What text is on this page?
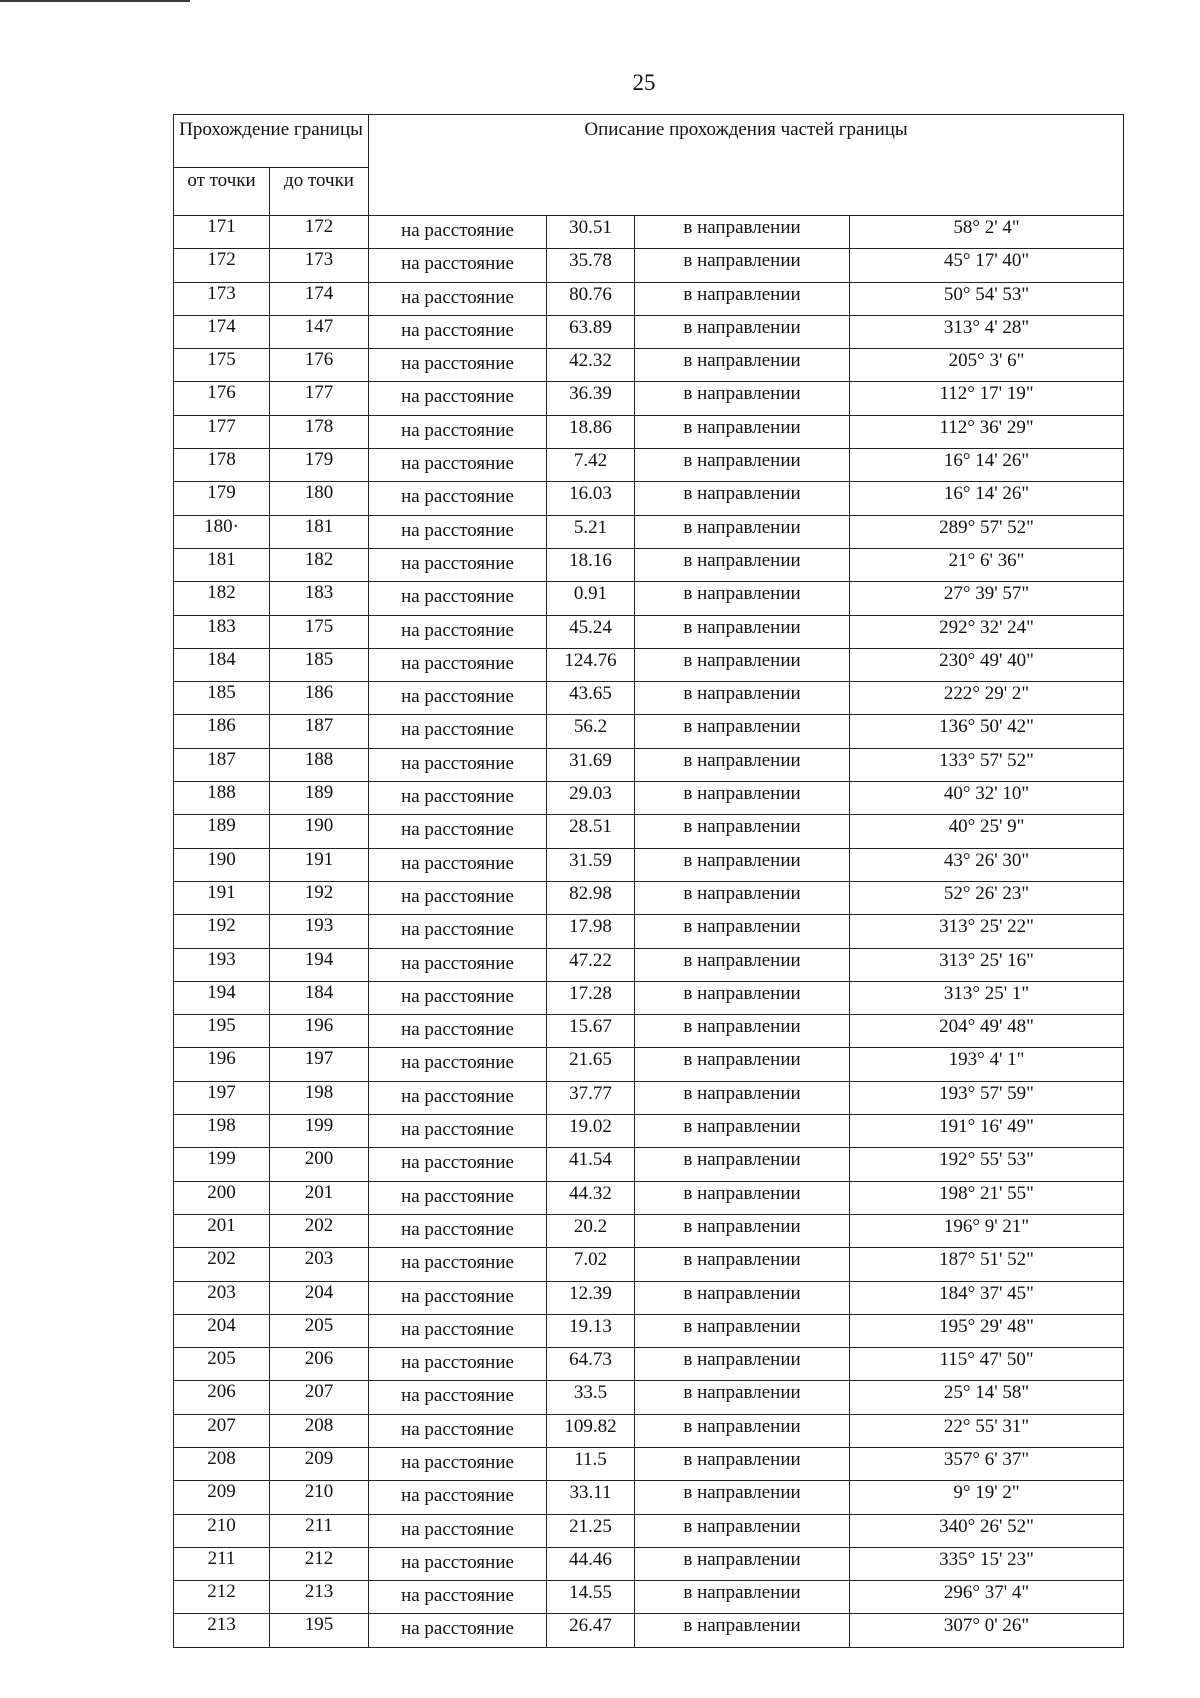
25
Прохождение границы		Описание прохождения частей границы			
от точки	до точки				
171	172	на расстояние	30.51	в направлении	58° 2' 4"
172	173	на расстояние	35.78	в направлении	45° 17' 40"
173	174	на расстояние	80.76	в направлении	50° 54' 53"
174	147	на расстояние	63.89	в направлении	313° 4' 28"
175	176	на расстояние	42.32	в направлении	205° 3' 6"
176	177	на расстояние	36.39	в направлении	112° 17' 19"
177	178	на расстояние	18.86	в направлении	112° 36' 29"
178	179	на расстояние	7.42	в направлении	16° 14' 26"
179	180	на расстояние	16.03	в направлении	16° 14' 26"
180·	181	на расстояние	5.21	в направлении	289° 57' 52"
181	182	на расстояние	18.16	в направлении	21° 6' 36"
182	183	на расстояние	0.91	в направлении	27° 39' 57"
183	175	на расстояние	45.24	в направлении	292° 32' 24"
184	185	на расстояние	124.76	в направлении	230° 49' 40"
185	186	на расстояние	43.65	в направлении	222° 29' 2"
186	187	на расстояние	56.2	в направлении	136° 50' 42"
187	188	на расстояние	31.69	в направлении	133° 57' 52"
188	189	на расстояние	29.03	в направлении	40° 32' 10"
189	190	на расстояние	28.51	в направлении	40° 25' 9"
190	191	на расстояние	31.59	в направлении	43° 26' 30"
191	192	на расстояние	82.98	в направлении	52° 26' 23"
192	193	на расстояние	17.98	в направлении	313° 25' 22"
193	194	на расстояние	47.22	в направлении	313° 25' 16"
194	184	на расстояние	17.28	в направлении	313° 25' 1"
195	196	на расстояние	15.67	в направлении	204° 49' 48"
196	197	на расстояние	21.65	в направлении	193° 4' 1"
197	198	на расстояние	37.77	в направлении	193° 57' 59"
198	199	на расстояние	19.02	в направлении	191° 16' 49"
199	200	на расстояние	41.54	в направлении	192° 55' 53"
200	201	на расстояние	44.32	в направлении	198° 21' 55"
201	202	на расстояние	20.2	в направлении	196° 9' 21"
202	203	на расстояние	7.02	в направлении	187° 51' 52"
203	204	на расстояние	12.39	в направлении	184° 37' 45"
204	205	на расстояние	19.13	в направлении	195° 29' 48"
205	206	на расстояние	64.73	в направлении	115° 47' 50"
206	207	на расстояние	33.5	в направлении	25° 14' 58"
207	208	на расстояние	109.82	в направлении	22° 55' 31"
208	209	на расстояние	11.5	в направлении	357° 6' 37"
209	210	на расстояние	33.11	в направлении	9° 19' 2"
210	211	на расстояние	21.25	в направлении	340° 26' 52"
211	212	на расстояние	44.46	в направлении	335° 15' 23"
212	213	на расстояние	14.55	в направлении	296° 37' 4"
213	195	на расстояние	26.47	в направлении	307° 0' 26"
